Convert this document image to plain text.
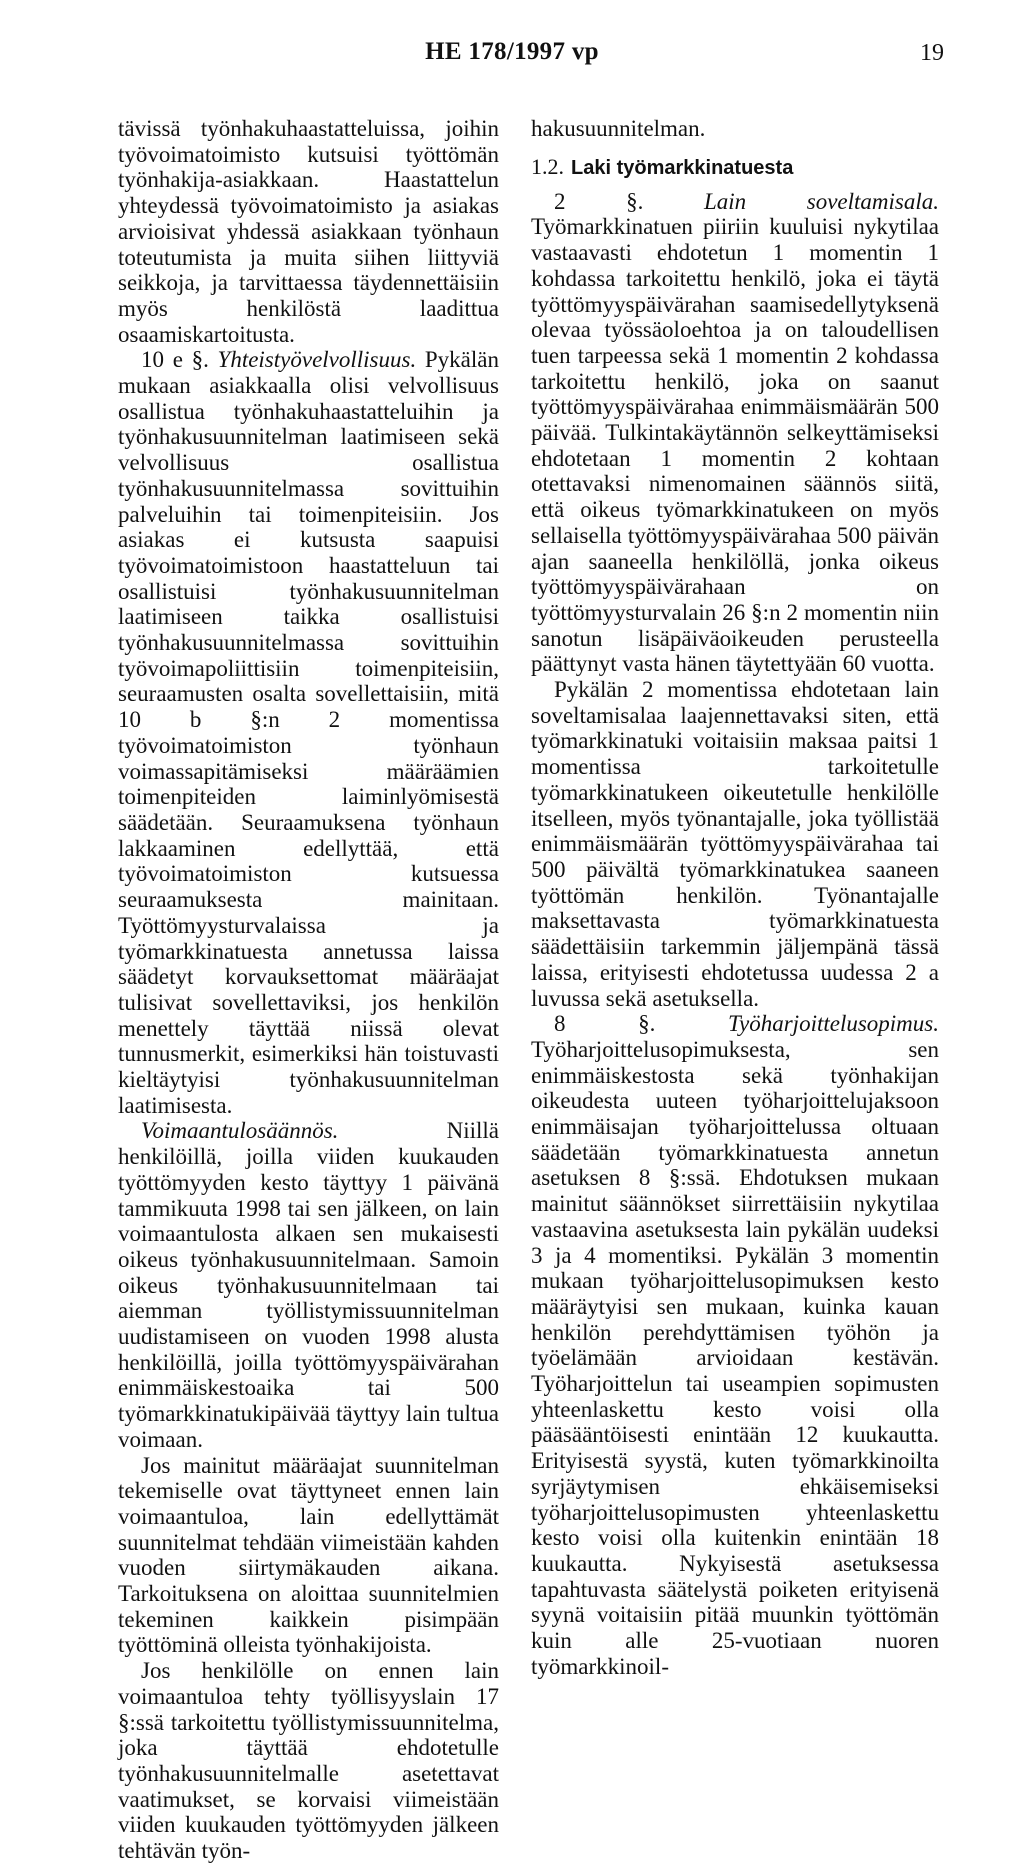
HE 178/1997 vp	19

tävissä työnhakuhaastatteluissa, joihin työvoimatoimisto kutsuisi työttömän työnhakija-asiakkaan. Haastattelun yhteydessä työvoimatoimisto ja asiakas arvioisivat yhdessä asiakkaan työnhaun toteutumista ja muita siihen liittyviä seikkoja, ja tarvittaessa täydennettäisiin myös henkilöstä laadittua osaamiskartoitusta.

10 e §. Yhteistyövelvollisuus. Pykälän mukaan asiakkaalla olisi velvollisuus osallistua työnhakuhaastatteluihin ja työnhakusuunnitelman laatimiseen sekä velvollisuus osallistua työnhakusuunnitelmassa sovittuihin palveluihin tai toimenpiteisiin. Jos asiakas ei kutsusta saapuisi työvoimatoimistoon haastatteluun tai osallistuisi työnhakusuunnitelman laatimiseen taikka osallistuisi työnhakusuunnitelmassa sovittuihin työvoimapoliittisiin toimenpiteisiin, seuraamusten osalta sovellettaisiin, mitä 10 b §:n 2 momentissa työvoimatoimiston työnhaun voimassapitämiseksi määräämien toimenpiteiden laiminlyömisestä säädetään. Seuraamuksena työnhaun lakkaaminen edellyttää, että työvoimatoimiston kutsuessa seuraamuksesta mainitaan. Työttömyysturvalaissa ja työmarkkinatuesta annetussa laissa säädetyt korvauksettomat määräajat tulisivat sovellettaviksi, jos henkilön menettely täyttää niissä olevat tunnusmerkit, esimerkiksi hän toistuvasti kieltäytyisi työnhakusuunnitelman laatimisesta.

Voimaantulosäännös.	Niillä henkilöillä, joilla viiden kuukauden työttömyyden kesto täyttyy 1 päivänä tammikuuta 1998 tai sen jälkeen, on lain voimaantulosta alkaen sen mukaisesti oikeus työnhakusuunnitelmaan. Samoin oikeus työnhakusuunnitelmaan tai aiemman työllistymissuunnitelman uudistamiseen on vuoden 1998 alusta henkilöillä, joilla työttömyyspäivärahan enimmäiskestoaika tai 500 työmarkkinatukipäivää täyttyy lain tultua voimaan.

Jos mainitut määräajat suunnitelman tekemiselle ovat täyttyneet ennen lain voimaantuloa, lain edellyttämät suunnitelmat tehdään viimeistään kahden vuoden siirtymäkauden aikana. Tarkoituksena on aloittaa suunnitelmien tekeminen kaikkein pisimpään työttöminä olleista työnhakijoista.

Jos henkilölle on ennen lain voimaantuloa tehty työllisyyslain 17 §:ssä tarkoitettu työllistymissuunnitelma, joka täyttää ehdotetulle työnhakusuunnitelmalle asetettavat vaatimukset, se korvaisi viimeistään viiden kuukauden työttömyyden jälkeen tehtävän työn-

hakusuunnitelman.

1.2. Laki työmarkkinatuesta

2 §.	Lain soveltamisala. Työmarkkinatuen piiriin kuuluisi nykytilaa vastaavasti ehdotetun 1 momentin 1 kohdassa tarkoitettu henkilö, joka ei täytä työttömyyspäivärahan saamisedellytyksenä olevaa työssäoloehtoa ja on taloudellisen tuen tarpeessa sekä 1 momentin 2 kohdassa tarkoitettu henkilö, joka on saanut työttömyyspäivärahaa enimmäismäärän 500 päivää. Tulkintakäytännön selkeyttämiseksi ehdotetaan 1 momentin 2 kohtaan otettavaksi nimenomainen säännös siitä, että oikeus työmarkkinatukeen on myös sellaisella työttömyyspäivärahaa 500 päivän ajan saaneella henkilöllä, jonka oikeus työttömyyspäivärahaan on työttömyysturvalain 26 §:n 2 momentin niin sanotun lisäpäiväoikeuden perusteella päättynyt vasta hänen täytettyään 60 vuotta.

Pykälän 2 momentissa ehdotetaan lain soveltamisalaa laajennettavaksi siten, että työmarkkinatuki voitaisiin maksaa paitsi 1 momentissa tarkoitetulle työmarkkinatukeen oikeutetulle henkilölle itselleen, myös työnantajalle, joka työllistää enimmäismäärän työttömyyspäivärahaa tai 500 päivältä työmarkkinatukea saaneen työttömän henkilön. Työnantajalle maksettavasta työmarkkinatuesta säädettäisiin tarkemmin jäljempänä tässä laissa, erityisesti ehdotetussa uudessa 2 a luvussa sekä asetuksella.

8 §.	Työharjoittelusopimus. Työharjoittelusopimuksesta, sen enimmäiskestosta sekä työnhakijan oikeudesta uuteen työharjoittelujaksoon enimmäisajan työharjoittelussa oltuaan säädetään työmarkkinatuesta annetun asetuksen 8 §:ssä. Ehdotuksen mukaan mainitut säännökset siirrettäisiin nykytilaa vastaavina asetuksesta lain pykälän uudeksi 3 ja 4 momentiksi. Pykälän 3 momentin mukaan työharjoittelusopimuksen kesto määräytyisi sen mukaan, kuinka kauan henkilön perehdyttämisen työhön ja työelämään arvioidaan kestävän. Työharjoittelun tai useampien sopimusten yhteenlaskettu kesto voisi olla pääsääntöisesti enintään 12 kuukautta. Erityisestä syystä, kuten työmarkkinoilta syrjäytymisen ehkäisemiseksi työharjoittelusopimusten yhteenlaskettu kesto voisi olla kuitenkin enintään 18 kuukautta. Nykyisestä asetuksessa tapahtuvasta säätelystä poiketen erityisenä syynä voitaisiin pitää muunkin työttömän kuin alle 25-vuotiaan nuoren työmarkkinoil-
